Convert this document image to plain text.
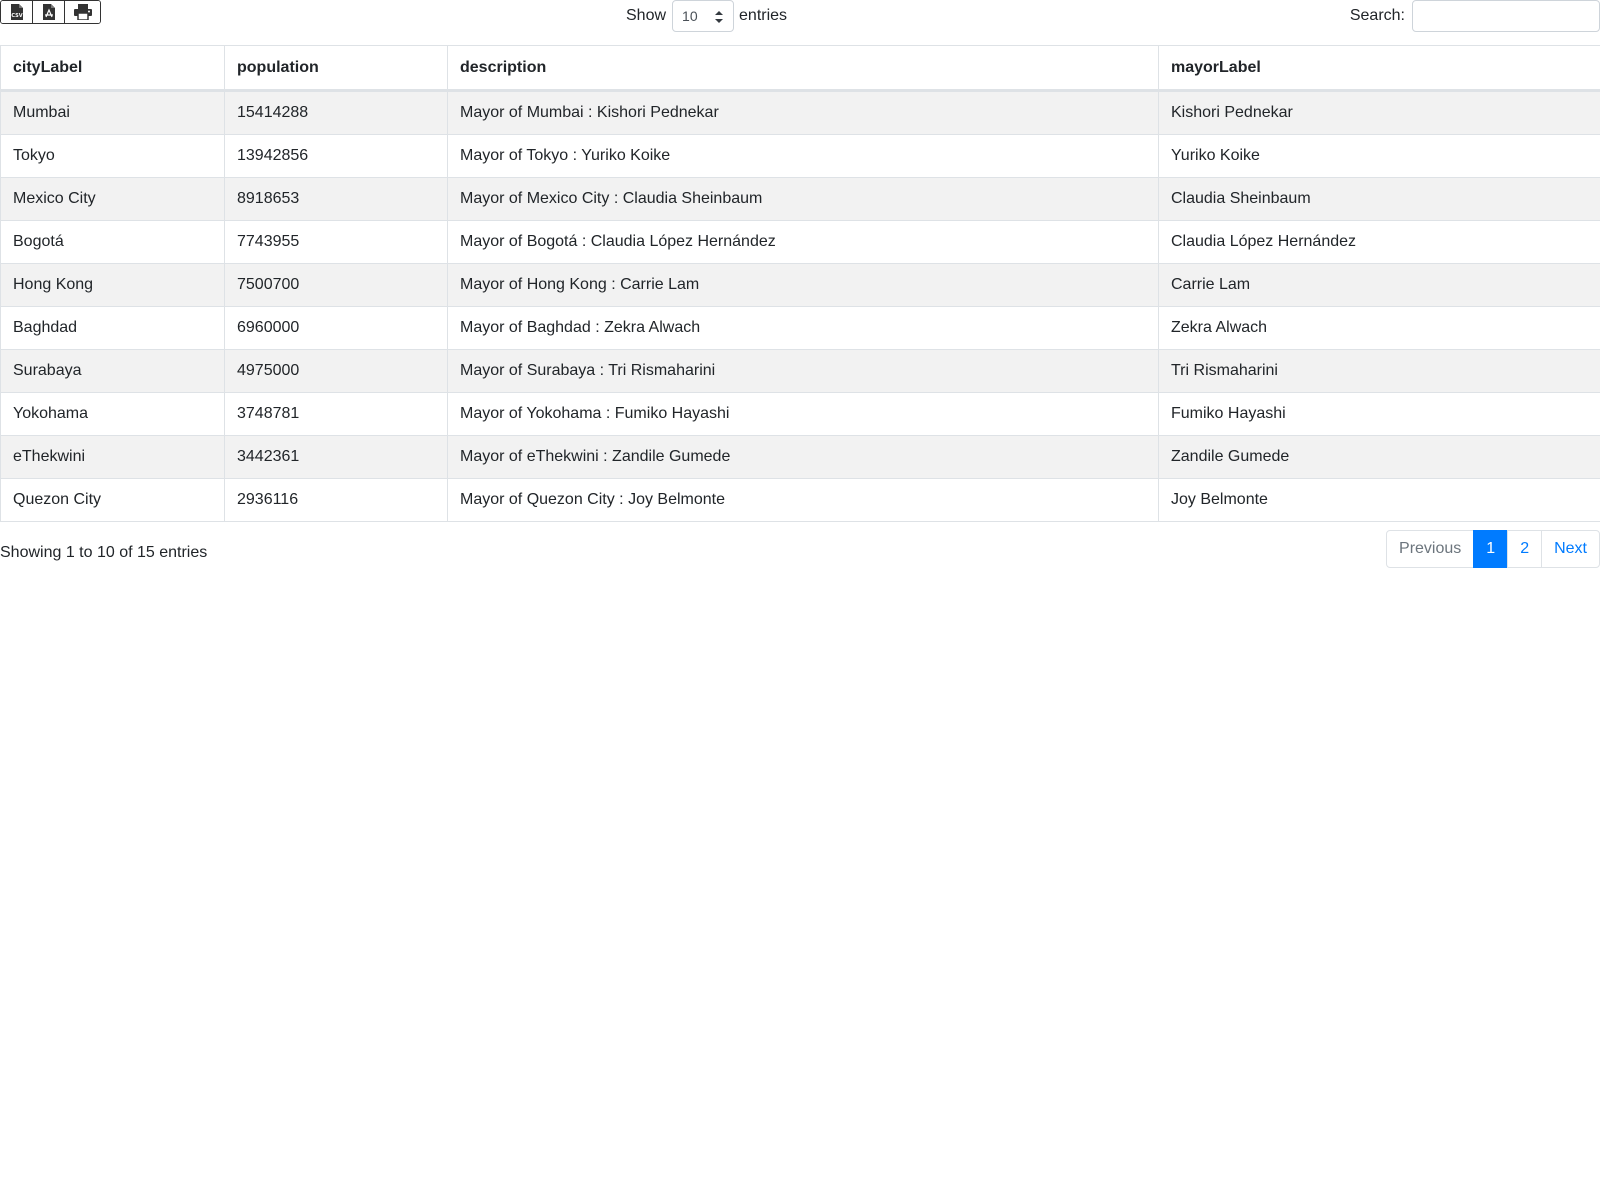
CSV	Show 10	entries	Search:
cityLabel	population	description	mayorLabel
Mumbai	15414288	Mayor of Mumbai : Kishori Pednekar	Kishori Pednekar
Tokyo	13942856	Mayor of Tokyo : Yuriko Koike	Yuriko Koike
Mexico City	8918653	Mayor of Mexico City : Claudia Sheinbaum	Claudia Sheinbaum
Bogotá	7743955	Mayor of Bogotá : Claudia López Hernández	Claudia López Hernández
Hong Kong	7500700	Mayor of Hong Kong : Carrie Lam	Carrie Lam
Baghdad	6960000	Mayor of Baghdad : Zekra Alwach	Zekra Alwach
Surabaya	4975000	Mayor of Surabaya : Tri Rismaharini	Tri Rismaharini
Yokohama	3748781	Mayor of Yokohama : Fumiko Hayashi	Fumiko Hayashi
eThekwini	3442361	Mayor of eThekwini : Zandile Gumede	Zandile Gumede
Quezon City	2936116	Mayor of Quezon City : Joy Belmonte	Joy Belmonte
Showing 1 to 10 of 15 entries	Previous	1	2	Next
